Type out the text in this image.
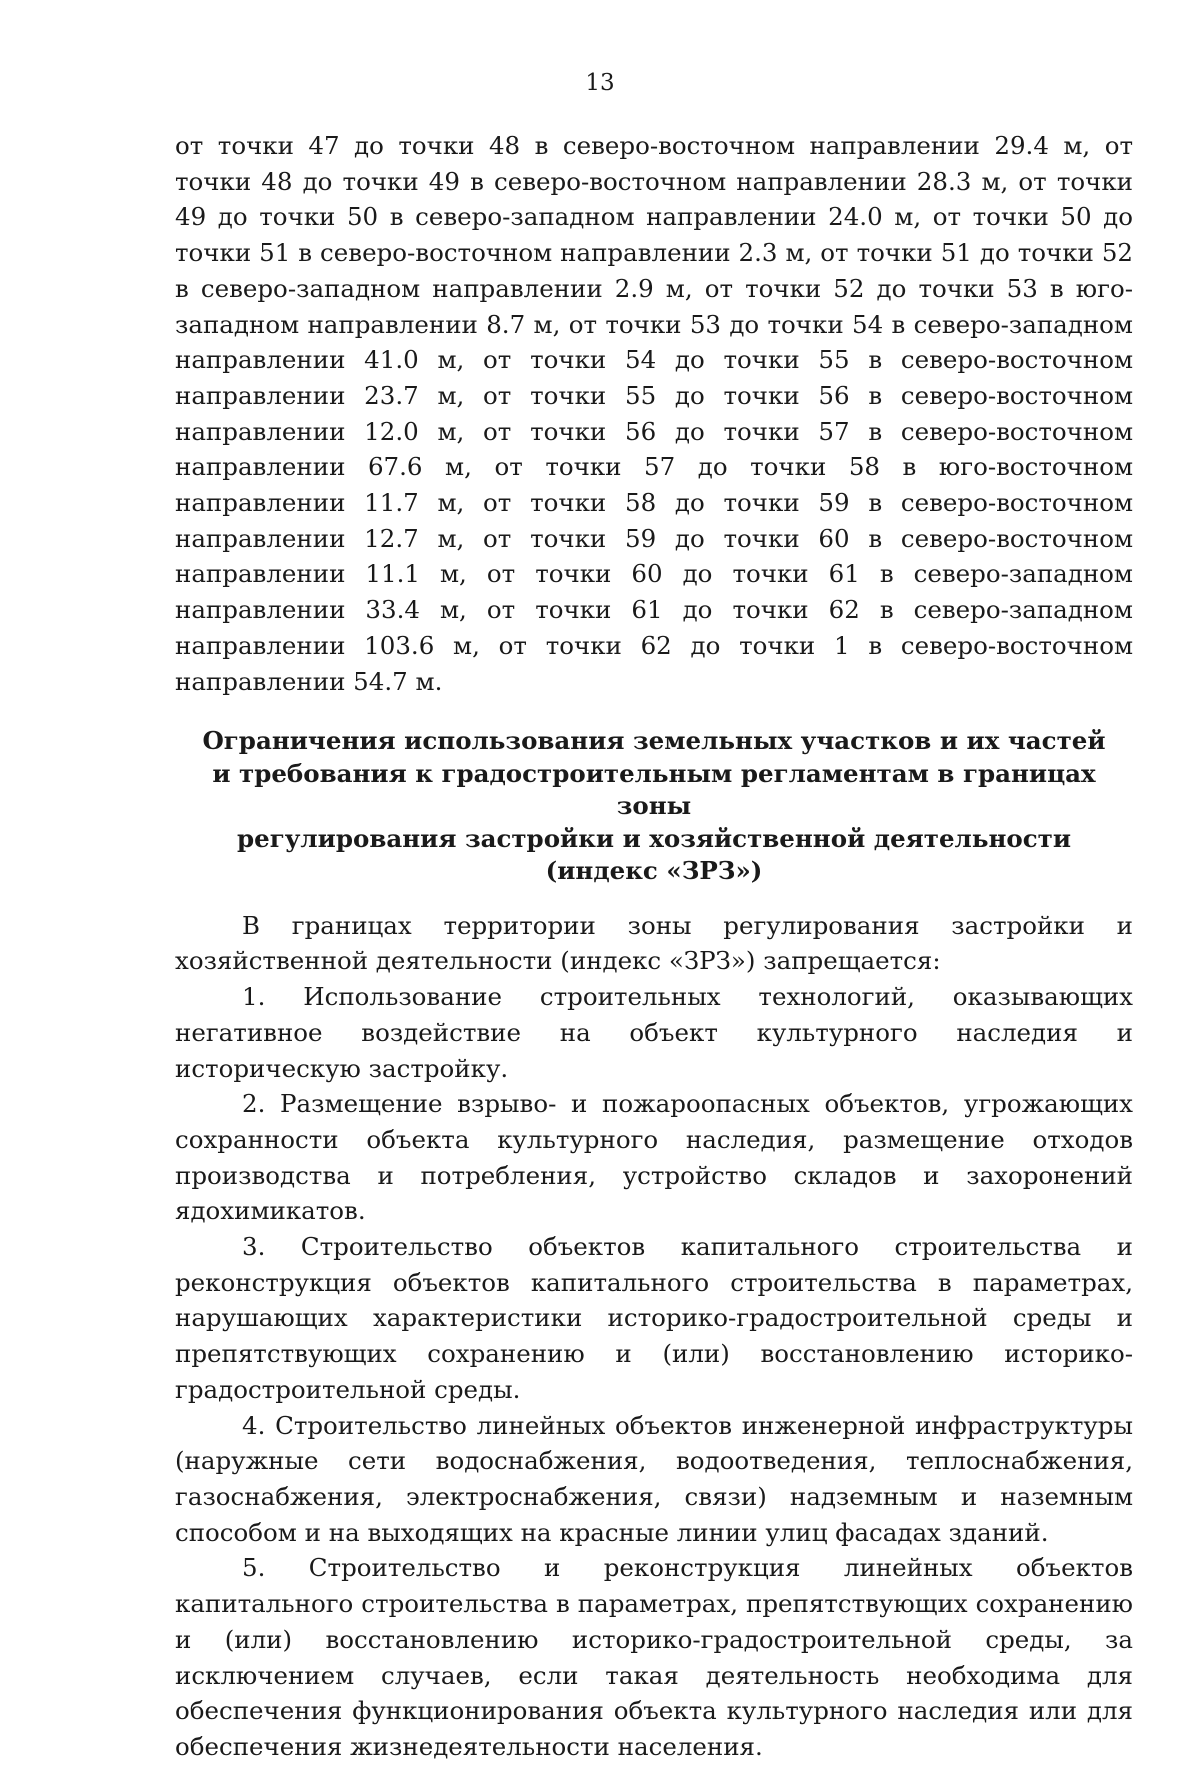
13

от точки 47 до точки 48 в северо-восточном направлении 29.4 м, от точки 48 до точки 49 в северо-восточном направлении 28.3 м, от точки 49 до точки 50 в северо-западном направлении 24.0 м, от точки 50 до точки 51 в северо-восточном направлении 2.3 м, от точки 51 до точки 52 в северо-западном направлении 2.9 м, от точки 52 до точки 53 в юго-западном направлении 8.7 м, от точки 53 до точки 54 в северо-западном направлении 41.0 м, от точки 54 до точки 55 в северо-восточном направлении 23.7 м, от точки 55 до точки 56 в северо-восточном направлении 12.0 м, от точки 56 до точки 57 в северо-восточном направлении 67.6 м, от точки 57 до точки 58 в юго-восточном направлении 11.7 м, от точки 58 до точки 59 в северо-восточном направлении 12.7 м, от точки 59 до точки 60 в северо-восточном направлении 11.1 м, от точки 60 до точки 61 в северо-западном направлении 33.4 м, от точки 61 до точки 62 в северо-западном направлении 103.6 м, от точки 62 до точки 1 в северо-восточном направлении 54.7 м.

Ограничения использования земельных участков и их частей
и требования к градостроительным регламентам в границах зоны
регулирования застройки и хозяйственной деятельности
(индекс «ЗРЗ»)

В границах территории зоны регулирования застройки и хозяйственной деятельности (индекс «ЗРЗ») запрещается:

1. Использование строительных технологий, оказывающих негативное воздействие на объект культурного наследия и историческую застройку.

2. Размещение взрыво- и пожароопасных объектов, угрожающих сохранности объекта культурного наследия, размещение отходов производства и потребления, устройство складов и захоронений ядохимикатов.

3. Строительство объектов капитального строительства и реконструкция объектов капитального строительства в параметрах, нарушающих характеристики историко-градостроительной среды и препятствующих сохранению и (или) восстановлению историко-градостроительной среды.

4. Строительство линейных объектов инженерной инфраструктуры (наружные сети водоснабжения, водоотведения, теплоснабжения, газоснабжения, электроснабжения, связи) надземным и наземным способом и на выходящих на красные линии улиц фасадах зданий.

5. Строительство и реконструкция линейных объектов капитального строительства в параметрах, препятствующих сохранению и (или) восстановлению историко-градостроительной среды, за исключением случаев, если такая деятельность необходима для обеспечения функционирования объекта культурного наследия или для обеспечения жизнедеятельности населения.
